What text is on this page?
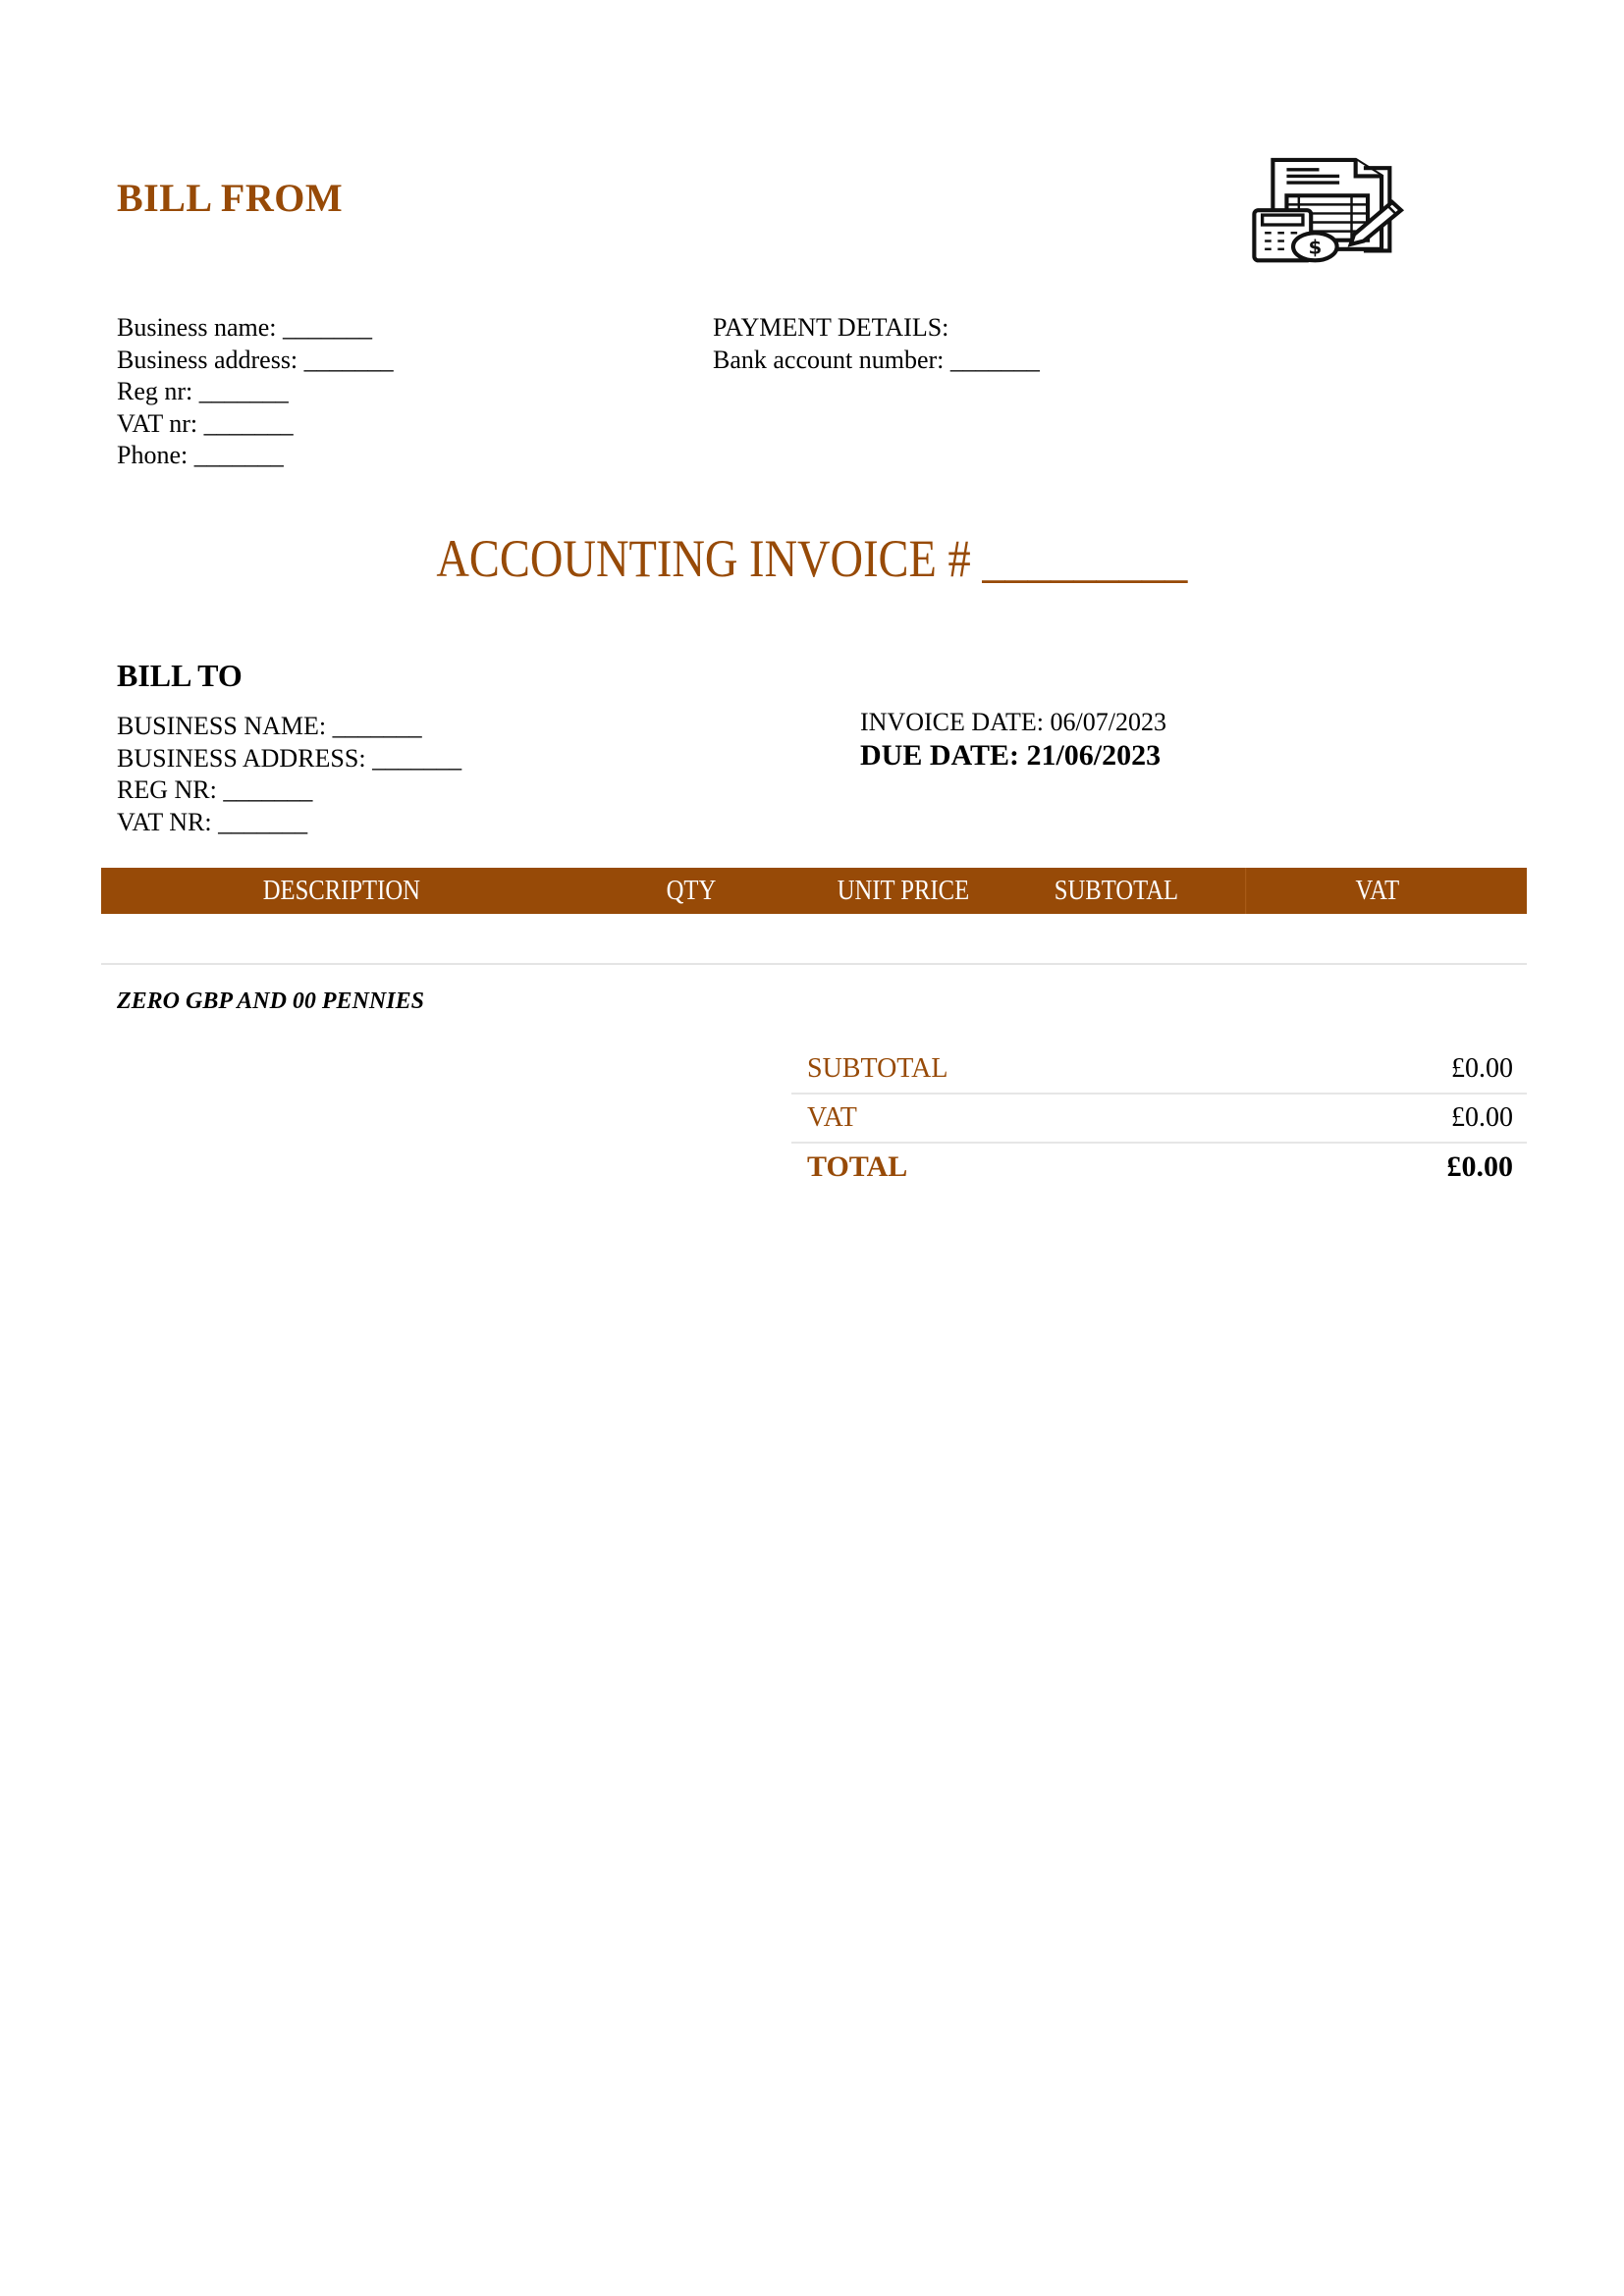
BILL FROM
$
Business name: _______
Business address: _______
Reg nr: _______
VAT nr: _______
Phone: _______
PAYMENT DETAILS:
Bank account number: _______
ACCOUNTING INVOICE # _________
BILL TO
BUSINESS NAME: _______
BUSINESS ADDRESS: _______
REG NR: _______
VAT NR: _______
INVOICE DATE: 06/07/2023
DUE DATE: 21/06/2023
DESCRIPTION	QTY	UNIT PRICE	SUBTOTAL	VAT
ZERO GBP AND 00 PENNIES
SUBTOTAL	£0.00
VAT	£0.00
TOTAL	£0.00
